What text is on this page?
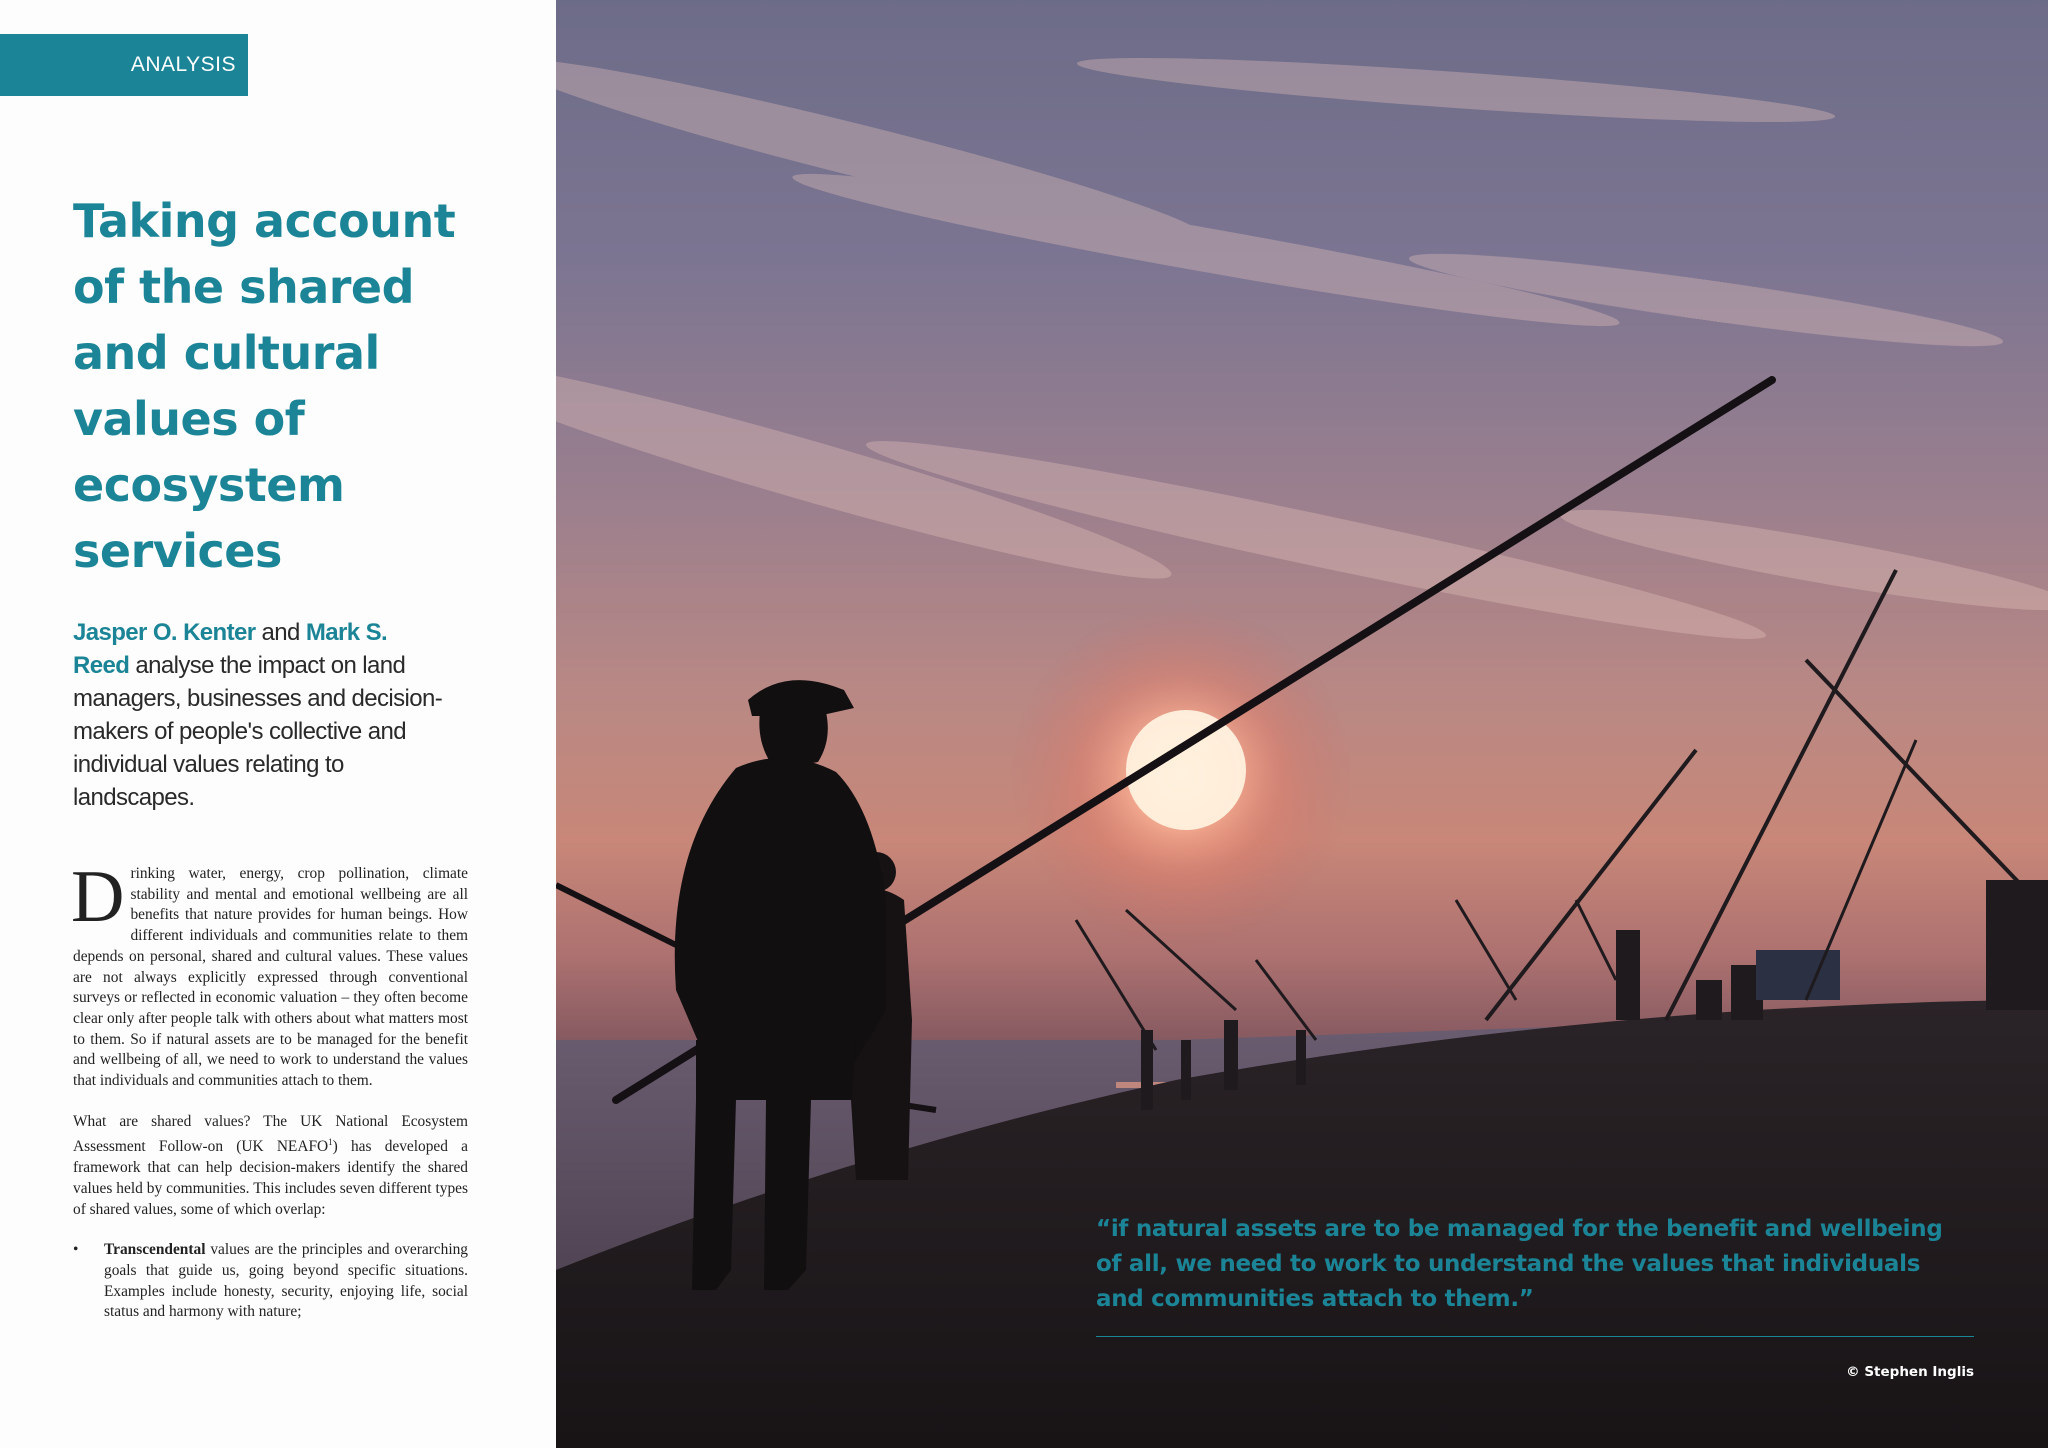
ANALYSIS
Taking account of the shared and cultural values of ecosystem services
Jasper O. Kenter and Mark S. Reed analyse the impact on land managers, businesses and decision-makers of people's collective and individual values relating to landscapes.

Drinking water, energy, crop pollination, climate stability and mental and emotional wellbeing are all benefits that nature provides for human beings. How different individuals and communities relate to them depends on personal, shared and cultural values. These values are not always explicitly expressed through conventional surveys or reflected in economic valuation – they often become clear only after people talk with others about what matters most to them. So if natural assets are to be managed for the benefit and wellbeing of all, we need to work to understand the values that individuals and communities attach to them.

What are shared values? The UK National Ecosystem Assessment Follow-on (UK NEAFO$^1$) has developed a framework that can help decision-makers identify the shared values held by communities. This includes seven different types of shared values, some of which overlap:

• Transcendental values are the principles and overarching goals that guide us, going beyond specific situations. Examples include honesty, security, enjoying life, social status and harmony with nature;

“if natural assets are to be managed for the benefit and wellbeing of all, we need to work to understand the values that individuals and communities attach to them.”

© Stephen Inglis
